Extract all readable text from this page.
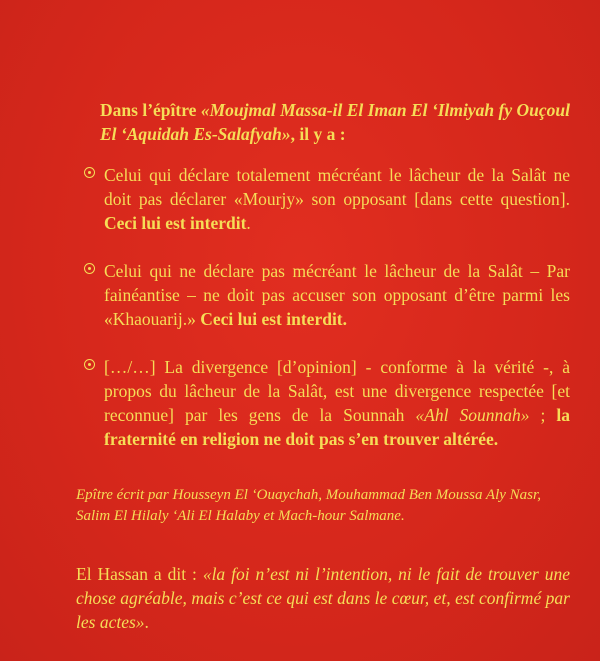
Dans l’épître «Moujmal Massa-il El Iman El ‘Ilmiyah fy Ouçoul El ‘Aquidah Es-Salafyah», il y a :

Celui qui déclare totalement mécréant le lâcheur de la Salât ne doit pas déclarer «Mourjy» son opposant [dans cette question]. Ceci lui est interdit.
Celui qui ne déclare pas mécréant le lâcheur de la Salât – Par fainéantise – ne doit pas accuser son opposant d’être parmi les «Khaouarij.» Ceci lui est interdit.
[…/…] La divergence [d’opinion] - conforme à la vérité -, à propos du lâcheur de la Salât, est une divergence respectée [et reconnue] par les gens de la Sounnah «Ahl Sounnah» ; la fraternité en religion ne doit pas s’en trouver altérée.

Epître écrit par Housseyn El ‘Ouaychah, Mouhammad Ben Moussa Aly Nasr, Salim El Hilaly ‘Ali El Halaby et Mach-hour Salmane.

El Hassan a dit : «la foi n’est ni l’intention, ni le fait de trouver une chose agréable, mais c’est ce qui est dans le cœur, et, est confirmé par les actes».
